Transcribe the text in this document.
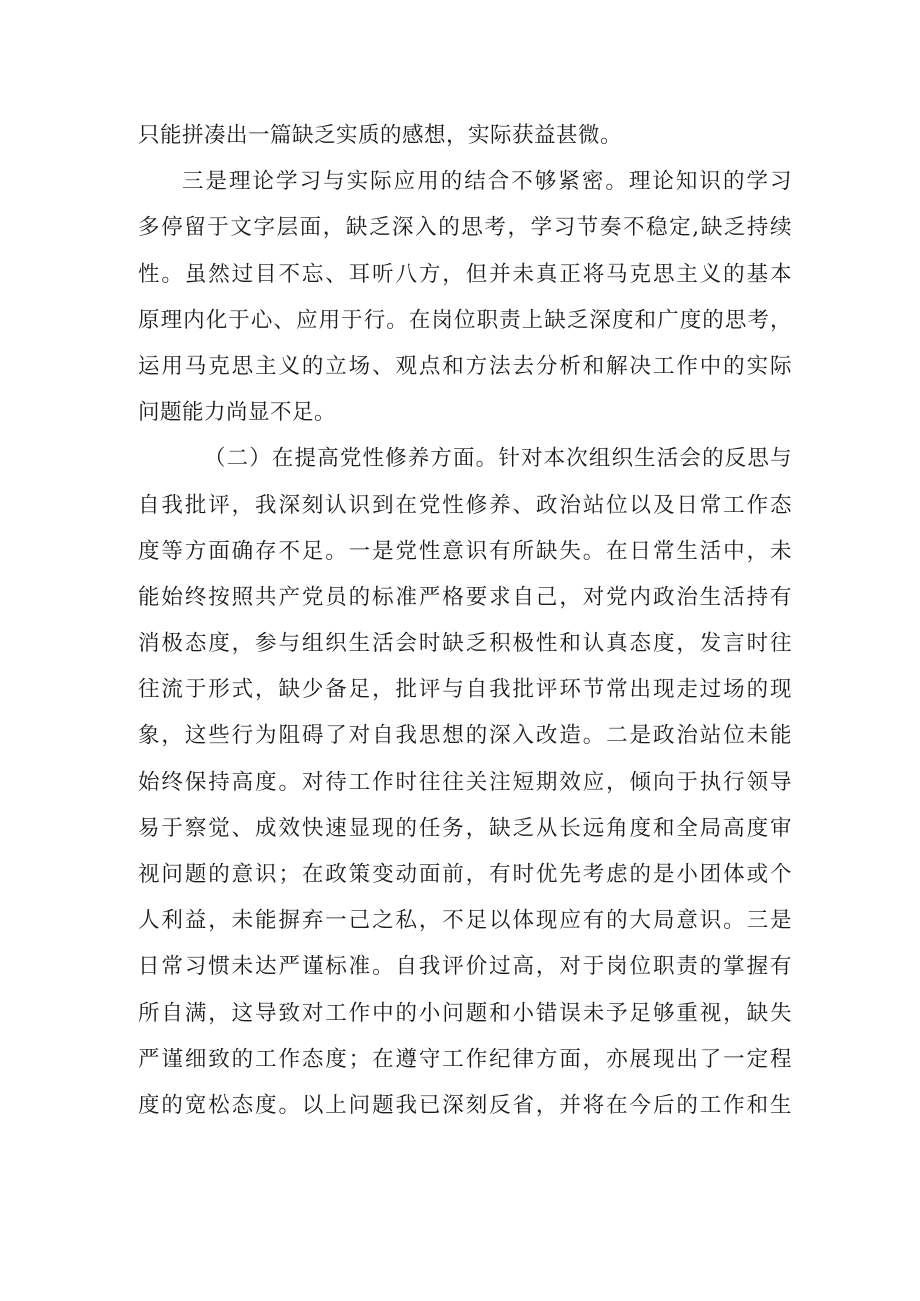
只能拼凑出一篇缺乏实质的感想，实际获益甚微。
三是理论学习与实际应用的结合不够紧密。理论知识的学习
多停留于文字层面，缺乏深入的思考，学习节奏不稳定,缺乏持续
性。虽然过目不忘、耳听八方，但并未真正将马克思主义的基本
原理内化于心、应用于行。在岗位职责上缺乏深度和广度的思考，
运用马克思主义的立场、观点和方法去分析和解决工作中的实际
问题能力尚显不足。
（二）在提高党性修养方面。针对本次组织生活会的反思与
自我批评，我深刻认识到在党性修养、政治站位以及日常工作态
度等方面确存不足。一是党性意识有所缺失。在日常生活中，未
能始终按照共产党员的标准严格要求自己，对党内政治生活持有
消极态度，参与组织生活会时缺乏积极性和认真态度，发言时往
往流于形式，缺少备足，批评与自我批评环节常出现走过场的现
象，这些行为阻碍了对自我思想的深入改造。二是政治站位未能
始终保持高度。对待工作时往往关注短期效应，倾向于执行领导
易于察觉、成效快速显现的任务，缺乏从长远角度和全局高度审
视问题的意识；在政策变动面前，有时优先考虑的是小团体或个
人利益，未能摒弃一己之私，不足以体现应有的大局意识。三是
日常习惯未达严谨标准。自我评价过高，对于岗位职责的掌握有
所自满，这导致对工作中的小问题和小错误未予足够重视，缺失
严谨细致的工作态度；在遵守工作纪律方面，亦展现出了一定程
度的宽松态度。以上问题我已深刻反省，并将在今后的工作和生
